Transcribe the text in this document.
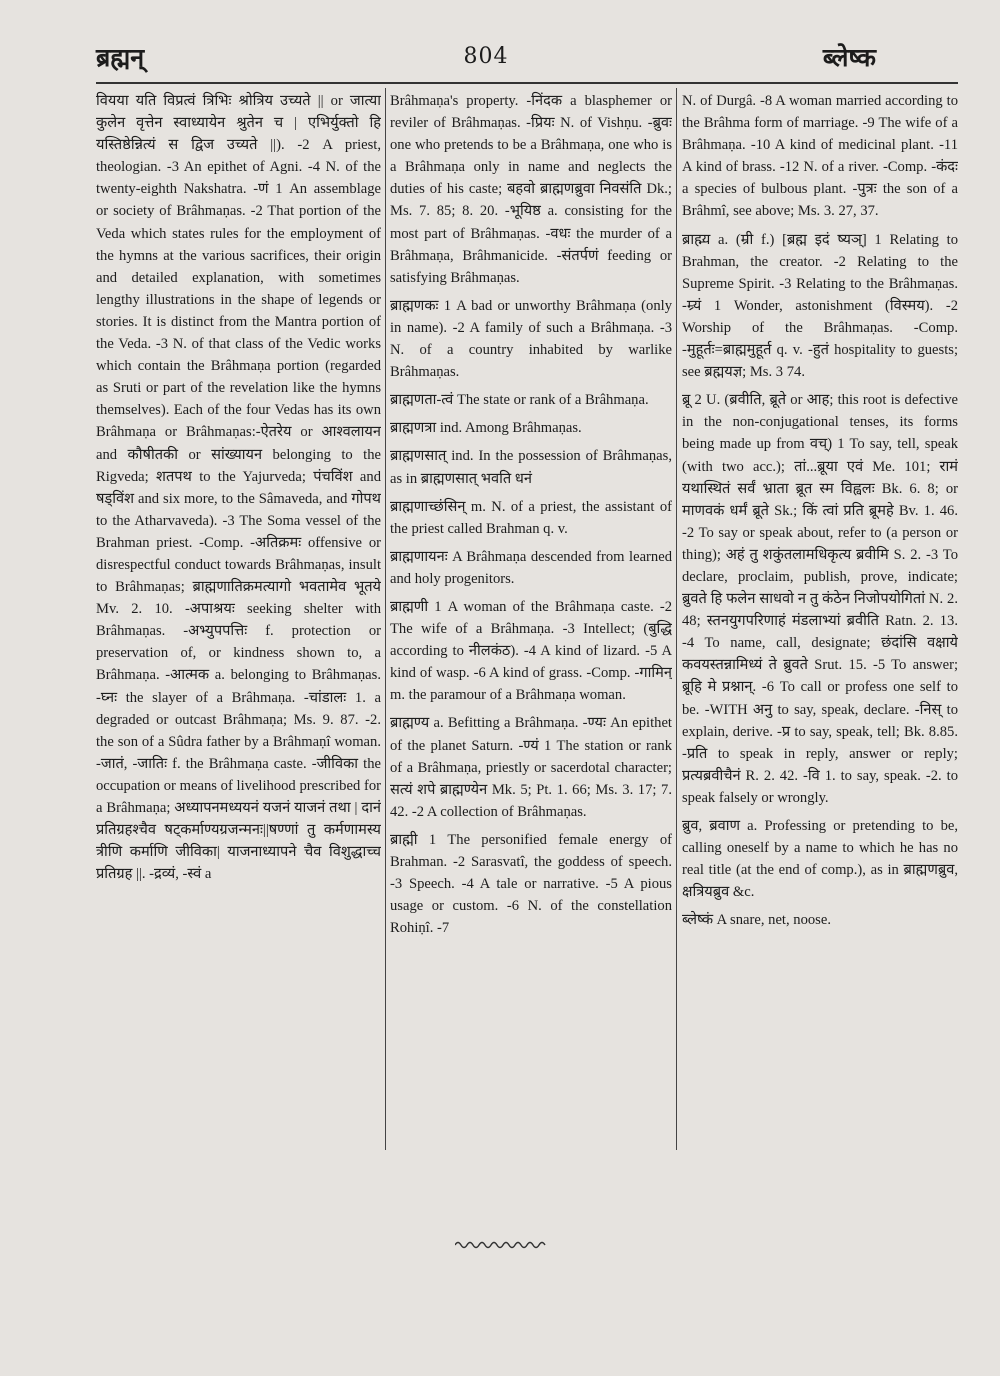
ब्रह्मन्	804	ब्लेष्क

वियया यति विप्रत्वं त्रिभिः श्रोत्रिय उच्यते || or जात्या कुलेन वृत्तेन स्वाध्यायेन श्रुतेन च | एभिर्युक्तो हि यस्तिष्ठेन्नित्यं स द्विज उच्यते ||). -2 A priest, theologian. -3 An epithet of Agni. -4 N. of the twenty-eighth Nakshatra. -णं 1 An assemblage or society of Brâhmaṇas. -2 That portion of the Veda which states rules for the employment of the hymns at the various sacrifices, their origin and detailed explanation, with sometimes lengthy illustrations in the shape of legends or stories. It is distinct from the Mantra portion of the Veda. -3 N. of that class of the Vedic works which contain the Brâhmaṇa portion (regarded as Sruti or part of the revelation like the hymns themselves). Each of the four Vedas has its own Brâhmaṇa or Brâhmaṇas:-ऐतरेय or आश्वलायन and कौषीतकी or सांख्यायन belonging to the Rigveda; शतपथ to the Yajurveda; पंचविंश and षड्विंश and six more, to the Sâmaveda, and गोपथ to the Atharvaveda). -3 The Soma vessel of the Brahman priest. -Comp. -अतिक्रमः offensive or disrespectful conduct towards Brâhmaṇas, insult to Brâhmaṇas; ब्राह्मणातिक्रमत्यागो भवतामेव भूतये Mv. 2. 10. -अपाश्रयः seeking shelter with Brâhmaṇas. -अभ्युपपत्तिः f. protection or preservation of, or kindness shown to, a Brâhmaṇa. -आत्मक a. belonging to Brâhmaṇas. -घ्नः the slayer of a Brâhmaṇa. -चांडालः 1. a degraded or outcast Brâhmaṇa; Ms. 9. 87. -2. the son of a Sûdra father by a Brâhmaṇî woman. -जातं, -जातिः f. the Brâhmaṇa caste. -जीविका the occupation or means of livelihood prescribed for a Brâhmaṇa; अध्यापनमध्ययनं यजनं याजनं तथा | दानं प्रतिग्रहश्चैव षट्कर्माण्यग्रजन्मनः||षण्णां तु कर्मणामस्य त्रीणि कर्माणि जीविका| याजनाध्यापने चैव विशुद्धाच्च प्रतिग्रह ||. -द्रव्यं, -स्वं a

Brâhmaṇa's property. -निंदक a blasphemer or reviler of Brâhmaṇas. -प्रियः N. of Vishṇu. -ब्रुवः one who pretends to be a Brâhmaṇa, one who is a Brâhmaṇa only in name and neglects the duties of his caste; बहवो ब्राह्मणब्रुवा निवसंति Dk.; Ms. 7. 85; 8. 20. -भूयिष्ठ a. consisting for the most part of Brâhmaṇas. -वधः the murder of a Brâhmaṇa, Brâhmanicide. -संतर्पणं feeding or satisfying Brâhmaṇas.

ब्राह्मणकः 1 A bad or unworthy Brâhmaṇa (only in name). -2 A family of such a Brâhmaṇa. -3 N. of a country inhabited by warlike Brâhmaṇas.

ब्राह्मणता-त्वं The state or rank of a Brâhmaṇa.

ब्राह्मणत्रा ind. Among Brâhmaṇas.

ब्राह्मणसात् ind. In the possession of Brâhmaṇas, as in ब्राह्मणसात् भवति धनं

ब्राह्मणाच्छंसिन् m. N. of a priest, the assistant of the priest called Brahman q. v.

ब्राह्मणायनः A Brâhmaṇa descended from learned and holy progenitors.

ब्राह्मणी 1 A woman of the Brâhmaṇa caste. -2 The wife of a Brâhmaṇa. -3 Intellect; (बुद्धि according to नीलकंठ). -4 A kind of lizard. -5 A kind of wasp. -6 A kind of grass. -Comp. -गामिन् m. the paramour of a Brâhmaṇa woman.

ब्राह्मण्य a. Befitting a Brâhmaṇa. -ण्यः An epithet of the planet Saturn. -ण्यं 1 The station or rank of a Brâhmaṇa, priestly or sacerdotal character; सत्यं शपे ब्राह्मण्येन Mk. 5; Pt. 1. 66; Ms. 3. 17; 7. 42. -2 A collection of Brâhmaṇas.

ब्राह्मी 1 The personified female energy of Brahman. -2 Sarasvatî, the goddess of speech. -3 Speech. -4 A tale or narrative. -5 A pious usage or custom. -6 N. of the constellation Rohiṇî. -7

N. of Durgâ. -8 A woman married according to the Brâhma form of marriage. -9 The wife of a Brâhmaṇa. -10 A kind of medicinal plant. -11 A kind of brass. -12 N. of a river. -Comp. -कंदः a species of bulbous plant. -पुत्रः the son of a Brâhmî, see above; Ms. 3. 27, 37.

ब्राह्म्य a. (म्री f.) [ब्रह्म इदं ष्यञ्] 1 Relating to Brahman, the creator. -2 Relating to the Supreme Spirit. -3 Relating to the Brâhmaṇas. -म्र्यं 1 Wonder, astonishment (विस्मय). -2 Worship of the Brâhmaṇas. -Comp. -मुहूर्तः=ब्राह्ममुहूर्त q. v. -हुतं hospitality to guests; see ब्रह्मयज्ञ; Ms. 3 74.

ब्रू 2 U. (ब्रवीति, ब्रूते or आह; this root is defective in the non-conjugational tenses, its forms being made up from वच्) 1 To say, tell, speak (with two acc.); तां...ब्रूया एवं Me. 101; रामं यथास्थितं सर्वं भ्राता ब्रूत स्म विह्वलः Bk. 6. 8; or माणवकं धर्मं ब्रूते Sk.; किं त्वां प्रति ब्रूमहे Bv. 1. 46. -2 To say or speak about, refer to (a person or thing); अहं तु शकुंतलामधिकृत्य ब्रवीमि S. 2. -3 To declare, proclaim, publish, prove, indicate; ब्रुवते हि फलेन साधवो न तु कंठेन निजोपयोगितां N. 2. 48; स्तनयुगपरिणाहं मंडलाभ्यां ब्रवीति Ratn. 2. 13. -4 To name, call, designate; छंदांसि वक्षाये कवयस्तन्नामिध्यं ते ब्रुवते Srut. 15. -5 To answer; ब्रूहि मे प्रश्नान्. -6 To call or profess one self to be. -WITH अनु to say, speak, declare. -निस् to explain, derive. -प्र to say, speak, tell; Bk. 8.85. -प्रति to speak in reply, answer or reply; प्रत्यब्रवीचैनं R. 2. 42. -वि 1. to say, speak. -2. to speak falsely or wrongly.

ब्रुव, ब्रवाण a. Professing or pretending to be, calling oneself by a name to which he has no real title (at the end of comp.), as in ब्राह्मणब्रुव, क्षत्रियब्रुव &c.

ब्लेष्कं A snare, net, noose.
